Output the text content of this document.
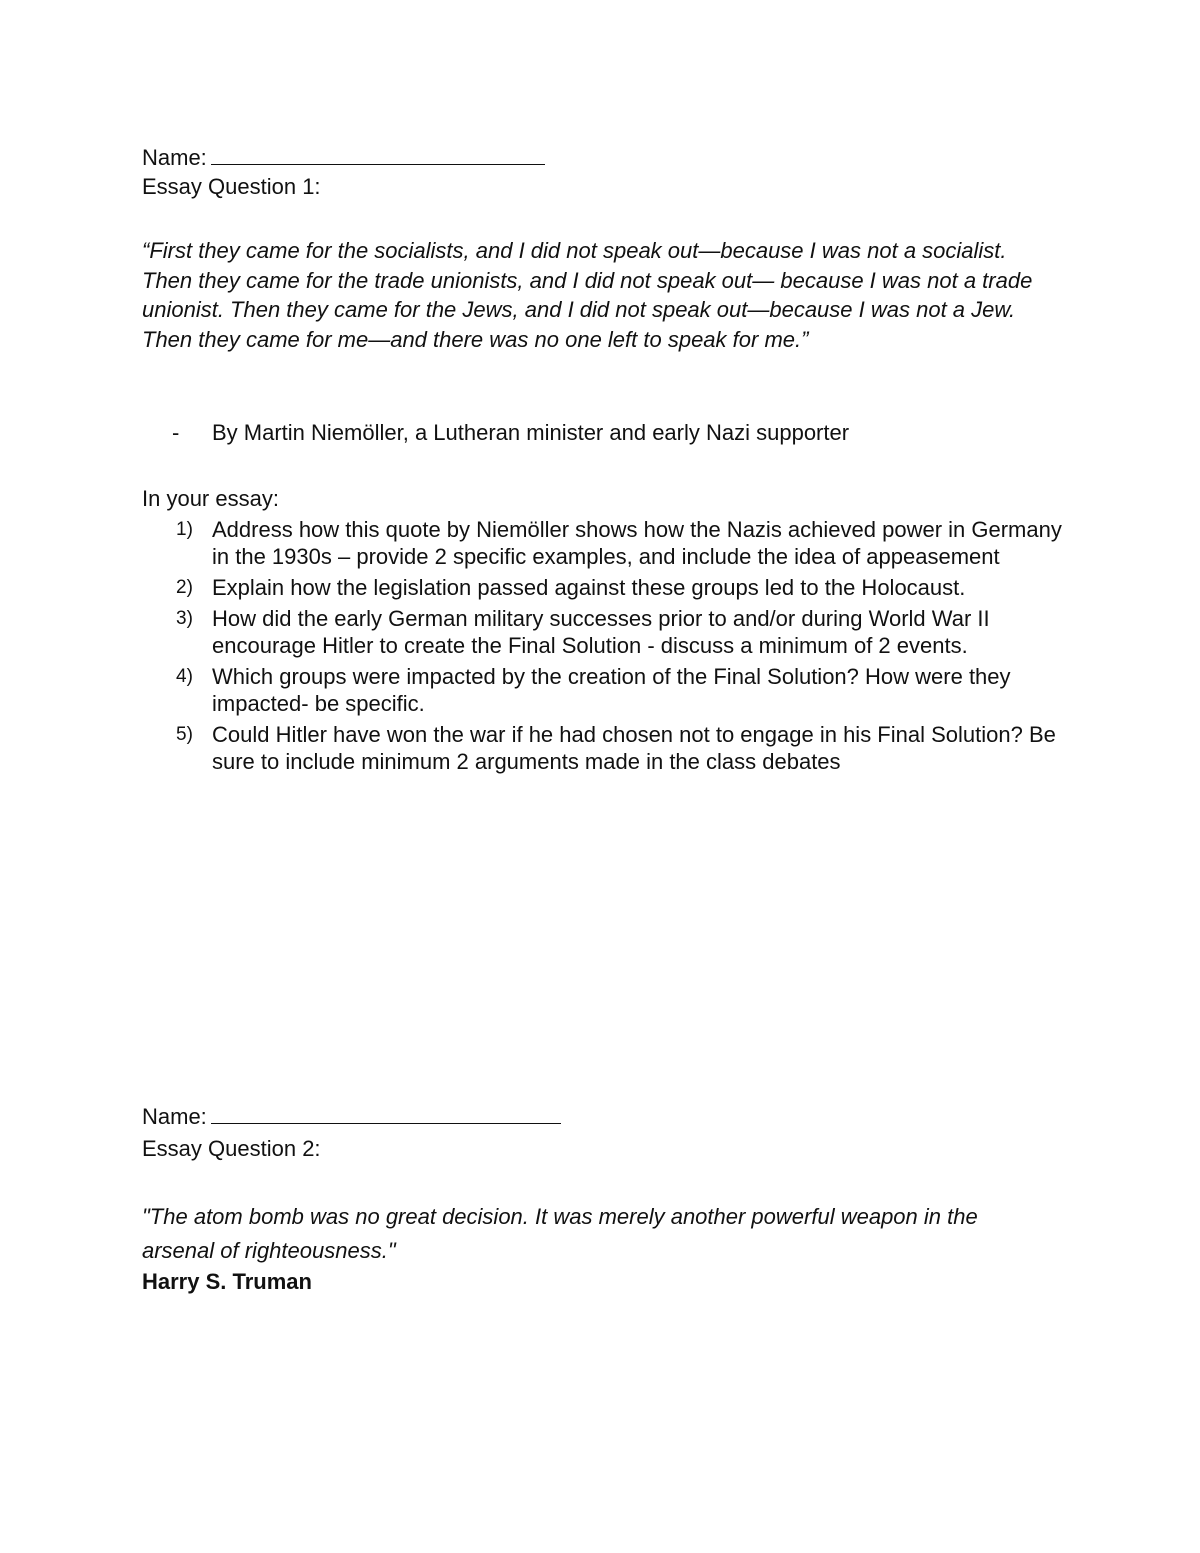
Name:
Essay Question 1:
“First they came for the socialists, and I did not speak out—because I was not a socialist.
Then they came for the trade unionists, and I did not speak out— because I was not a trade unionist. Then they came for the Jews, and I did not speak out—because I was not a Jew.
Then they came for me—and there was no one left to speak for me.”
- By Martin Niemöller, a Lutheran minister and early Nazi supporter
In your essay:
1) Address how this quote by Niemöller shows how the Nazis achieved power in Germany in the 1930s – provide 2 specific examples, and include the idea of appeasement
2) Explain how the legislation passed against these groups led to the Holocaust.
3) How did the early German military successes prior to and/or during World War II encourage Hitler to create the Final Solution - discuss a minimum of 2 events.
4) Which groups were impacted by the creation of the Final Solution? How were they impacted- be specific.
5) Could Hitler have won the war if he had chosen not to engage in his Final Solution? Be sure to include minimum 2 arguments made in the class debates
Name:
Essay Question 2:
"The atom bomb was no great decision. It was merely another powerful weapon in the arsenal of righteousness."
Harry S. Truman
